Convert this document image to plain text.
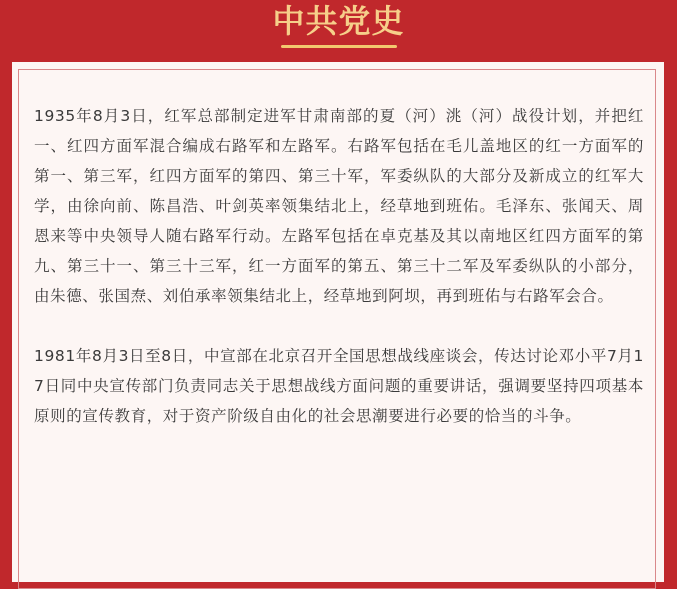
中共党史

1935年8月3日，红军总部制定进军甘肃南部的夏（河）洮（河）战役计划，并把红一、红四方面军混合编成右路军和左路军。右路军包括在毛儿盖地区的红一方面军的第一、第三军，红四方面军的第四、第三十军，军委纵队的大部分及新成立的红军大学，由徐向前、陈昌浩、叶剑英率领集结北上，经草地到班佑。毛泽东、张闻天、周恩来等中央领导人随右路军行动。左路军包括在卓克基及其以南地区红四方面军的第九、第三十一、第三十三军，红一方面军的第五、第三十二军及军委纵队的小部分，由朱德、张国焘、刘伯承率领集结北上，经草地到阿坝，再到班佑与右路军会合。

1981年8月3日至8日，中宣部在北京召开全国思想战线座谈会，传达讨论邓小平7月17日同中央宣传部门负责同志关于思想战线方面问题的重要讲话，强调要坚持四项基本原则的宣传教育，对于资产阶级自由化的社会思潮要进行必要的恰当的斗争。
